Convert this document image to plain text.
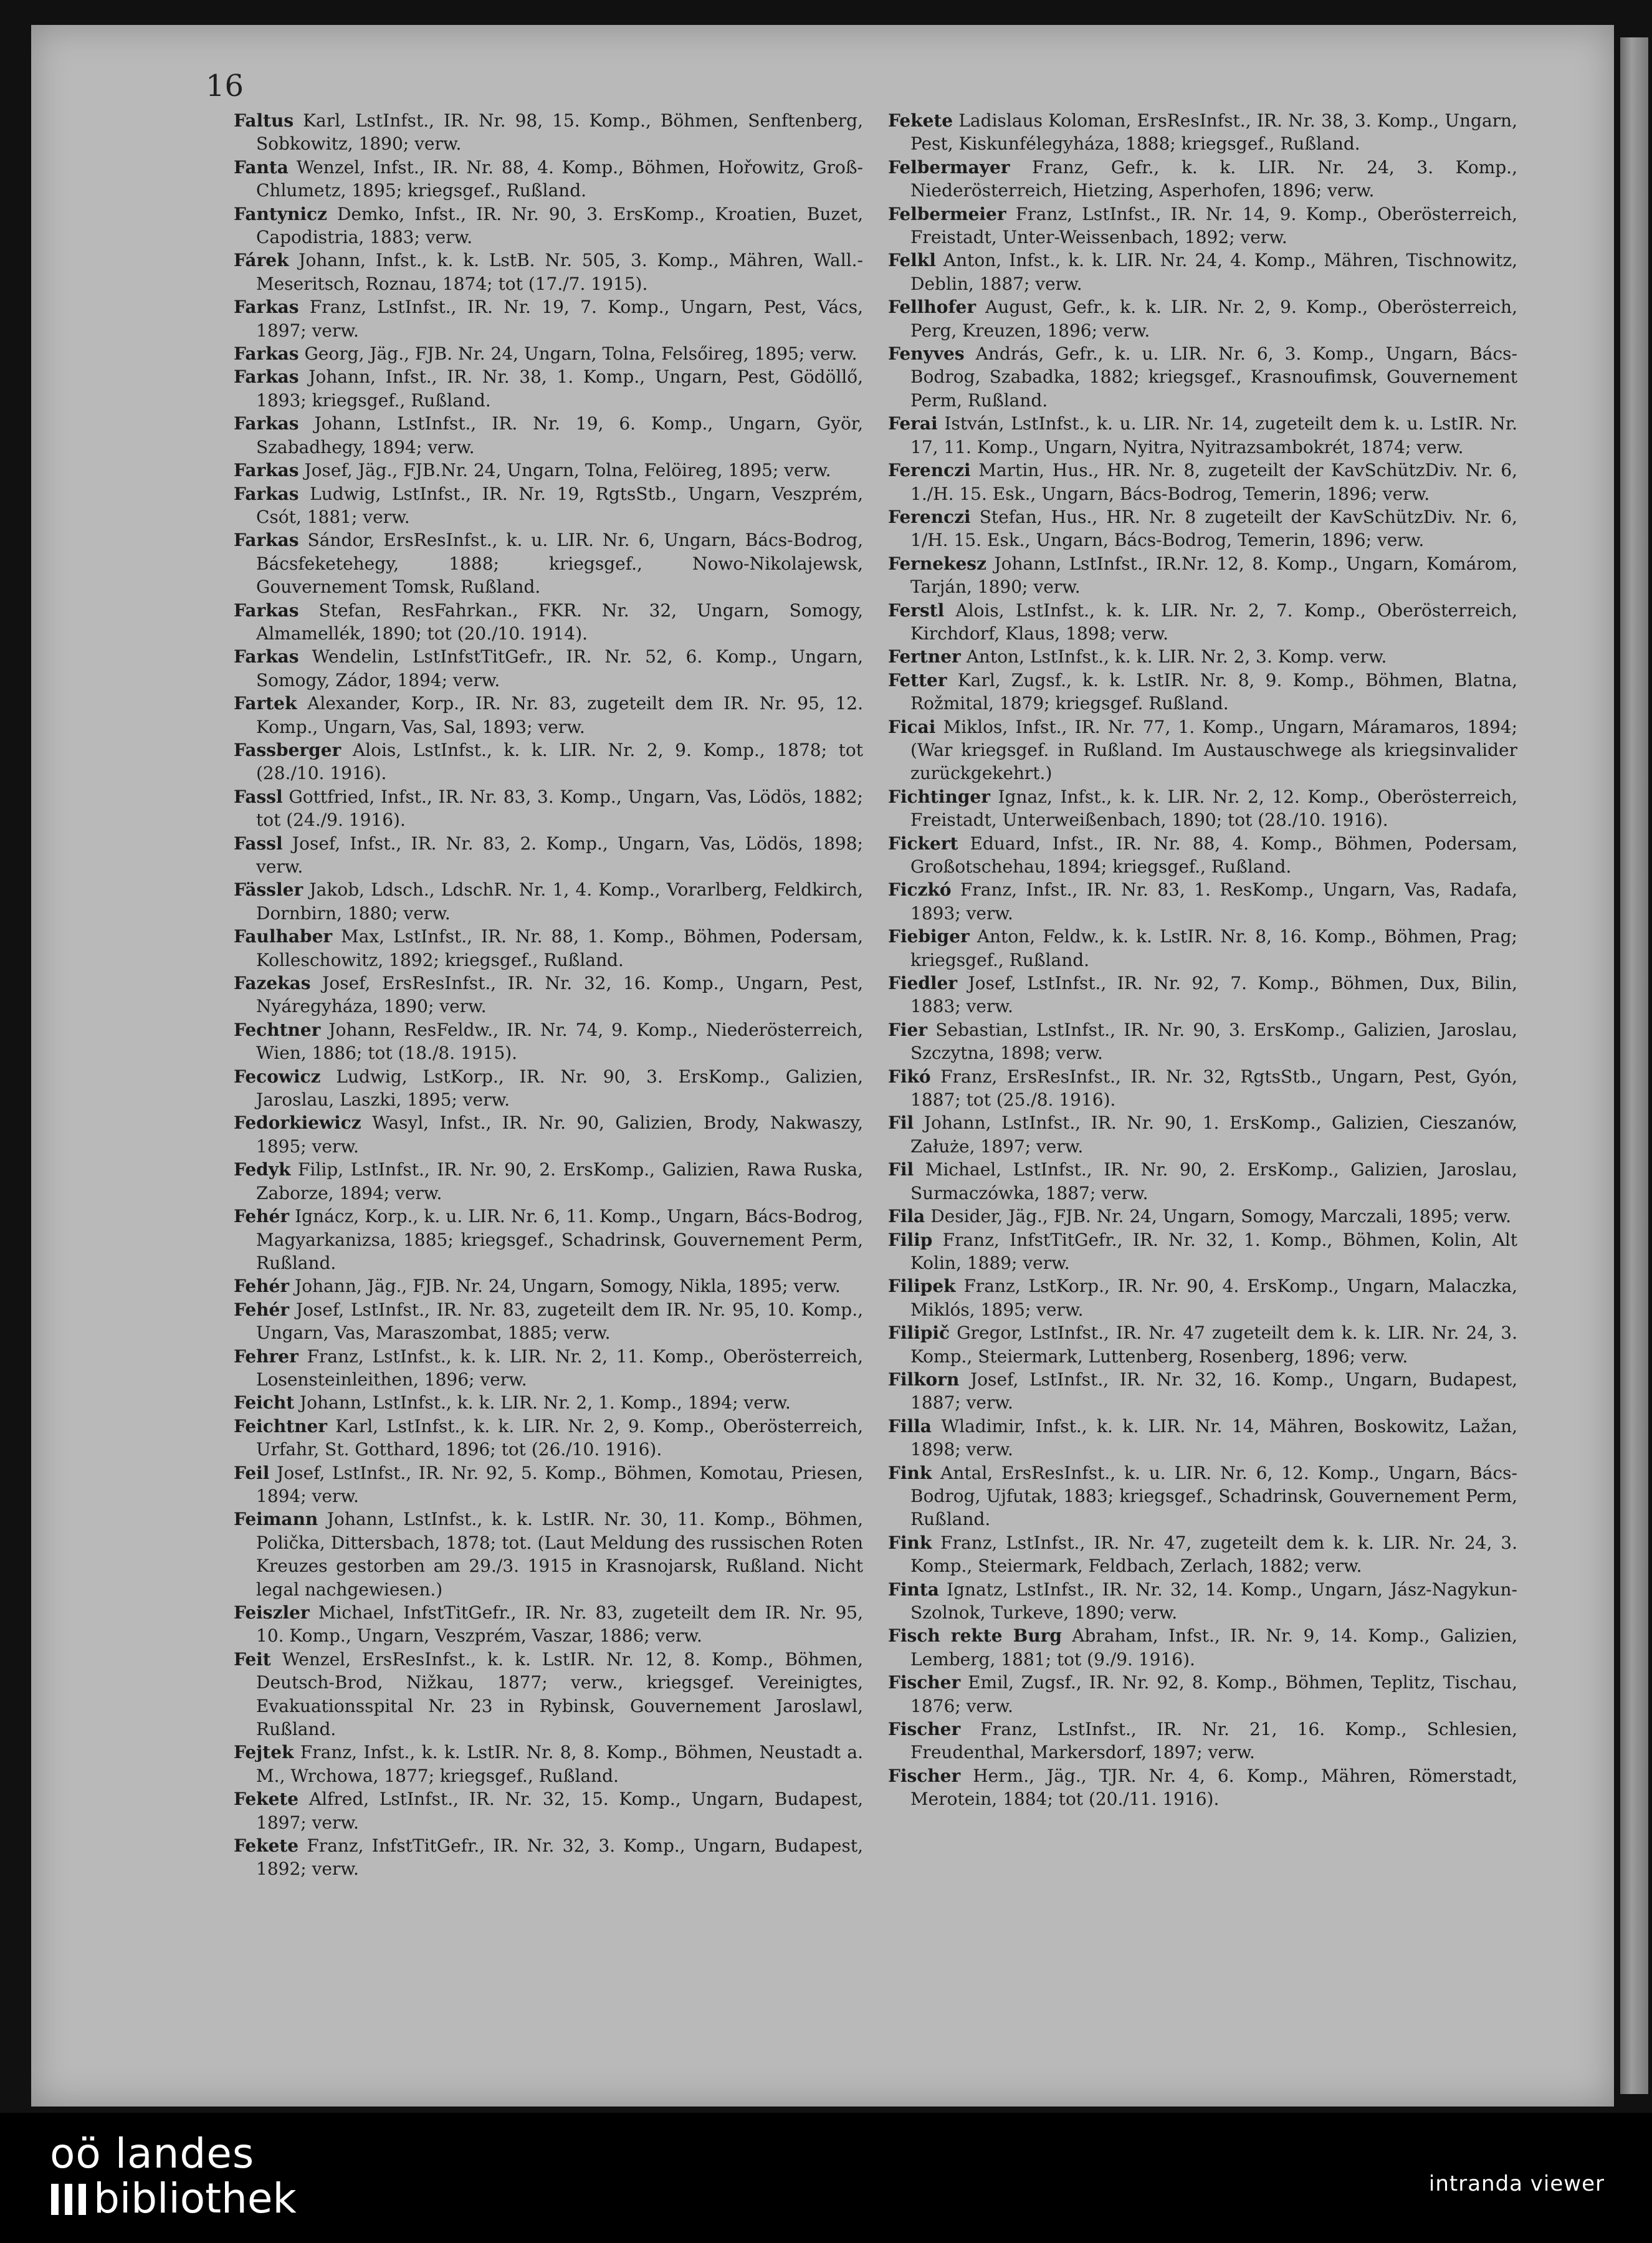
16

Faltus Karl, LstInfst., IR. Nr. 98, 15. Komp., Böhmen, Senftenberg, Sobkowitz, 1890; verw.

Fanta Wenzel, Infst., IR. Nr. 88, 4. Komp., Böhmen, Hořowitz, Groß-Chlumetz, 1895; kriegsgef., Rußland.

Fantynicz Demko, Infst., IR. Nr. 90, 3. ErsKomp., Kroatien, Buzet, Capodistria, 1883; verw.

Fárek Johann, Infst., k. k. LstB. Nr. 505, 3. Komp., Mähren, Wall.-Meseritsch, Roznau, 1874; tot (17./7. 1915).

Farkas Franz, LstInfst., IR. Nr. 19, 7. Komp., Ungarn, Pest, Vács, 1897; verw.

Farkas Georg, Jäg., FJB. Nr. 24, Ungarn, Tolna, Felsőireg, 1895; verw.

Farkas Johann, Infst., IR. Nr. 38, 1. Komp., Ungarn, Pest, Gödöllő, 1893; kriegsgef., Rußland.

Farkas Johann, LstInfst., IR. Nr. 19, 6. Komp., Ungarn, Györ, Szabadhegy, 1894; verw.

Farkas Josef, Jäg., FJB.Nr. 24, Ungarn, Tolna, Felöireg, 1895; verw.

Farkas Ludwig, LstInfst., IR. Nr. 19, RgtsStb., Ungarn, Veszprém, Csót, 1881; verw.

Farkas Sándor, ErsResInfst., k. u. LIR. Nr. 6, Ungarn, Bács-Bodrog, Bácsfeketehegy, 1888; kriegsgef., Nowo-Nikolajewsk, Gouvernement Tomsk, Rußland.

Farkas Stefan, ResFahrkan., FKR. Nr. 32, Ungarn, Somogy, Almamellék, 1890; tot (20./10. 1914).

Farkas Wendelin, LstInfstTitGefr., IR. Nr. 52, 6. Komp., Ungarn, Somogy, Zádor, 1894; verw.

Fartek Alexander, Korp., IR. Nr. 83, zugeteilt dem IR. Nr. 95, 12. Komp., Ungarn, Vas, Sal, 1893; verw.

Fassberger Alois, LstInfst., k. k. LIR. Nr. 2, 9. Komp., 1878; tot (28./10. 1916).

Fassl Gottfried, Infst., IR. Nr. 83, 3. Komp., Ungarn, Vas, Lödös, 1882; tot (24./9. 1916).

Fassl Josef, Infst., IR. Nr. 83, 2. Komp., Ungarn, Vas, Lödös, 1898; verw.

Fässler Jakob, Ldsch., LdschR. Nr. 1, 4. Komp., Vorarlberg, Feldkirch, Dornbirn, 1880; verw.

Faulhaber Max, LstInfst., IR. Nr. 88, 1. Komp., Böhmen, Podersam, Kolleschowitz, 1892; kriegsgef., Rußland.

Fazekas Josef, ErsResInfst., IR. Nr. 32, 16. Komp., Ungarn, Pest, Nyáregyháza, 1890; verw.

Fechtner Johann, ResFeldw., IR. Nr. 74, 9. Komp., Niederösterreich, Wien, 1886; tot (18./8. 1915).

Fecowicz Ludwig, LstKorp., IR. Nr. 90, 3. ErsKomp., Galizien, Jaroslau, Laszki, 1895; verw.

Fedorkiewicz Wasyl, Infst., IR. Nr. 90, Galizien, Brody, Nakwaszy, 1895; verw.

Fedyk Filip, LstInfst., IR. Nr. 90, 2. ErsKomp., Galizien, Rawa Ruska, Zaborze, 1894; verw.

Fehér Ignácz, Korp., k. u. LIR. Nr. 6, 11. Komp., Ungarn, Bács-Bodrog, Magyarkanizsa, 1885; kriegsgef., Schadrinsk, Gouvernement Perm, Rußland.

Fehér Johann, Jäg., FJB. Nr. 24, Ungarn, Somogy, Nikla, 1895; verw.

Fehér Josef, LstInfst., IR. Nr. 83, zugeteilt dem IR. Nr. 95, 10. Komp., Ungarn, Vas, Maraszombat, 1885; verw.

Fehrer Franz, LstInfst., k. k. LIR. Nr. 2, 11. Komp., Oberösterreich, Losensteinleithen, 1896; verw.

Feicht Johann, LstInfst., k. k. LIR. Nr. 2, 1. Komp., 1894; verw.

Feichtner Karl, LstInfst., k. k. LIR. Nr. 2, 9. Komp., Oberösterreich, Urfahr, St. Gotthard, 1896; tot (26./10. 1916).

Feil Josef, LstInfst., IR. Nr. 92, 5. Komp., Böhmen, Komotau, Priesen, 1894; verw.

Feimann Johann, LstInfst., k. k. LstIR. Nr. 30, 11. Komp., Böhmen, Polička, Dittersbach, 1878; tot. (Laut Meldung des russischen Roten Kreuzes gestorben am 29./3. 1915 in Krasnojarsk, Rußland. Nicht legal nachgewiesen.)

Feiszler Michael, InfstTitGefr., IR. Nr. 83, zugeteilt dem IR. Nr. 95, 10. Komp., Ungarn, Veszprém, Vaszar, 1886; verw.

Feit Wenzel, ErsResInfst., k. k. LstIR. Nr. 12, 8. Komp., Böhmen, Deutsch-Brod, Nižkau, 1877; verw., kriegsgef. Vereinigtes, Evakuationsspital Nr. 23 in Rybinsk, Gouvernement Jaroslawl, Rußland.

Fejtek Franz, Infst., k. k. LstIR. Nr. 8, 8. Komp., Böhmen, Neustadt a. M., Wrchowa, 1877; kriegsgef., Rußland.

Fekete Alfred, LstInfst., IR. Nr. 32, 15. Komp., Ungarn, Budapest, 1897; verw.

Fekete Franz, InfstTitGefr., IR. Nr. 32, 3. Komp., Ungarn, Budapest, 1892; verw.

Fekete Ladislaus Koloman, ErsResInfst., IR. Nr. 38, 3. Komp., Ungarn, Pest, Kiskunfélegyháza, 1888; kriegsgef., Rußland.

Felbermayer Franz, Gefr., k. k. LIR. Nr. 24, 3. Komp., Niederösterreich, Hietzing, Asperhofen, 1896; verw.

Felbermeier Franz, LstInfst., IR. Nr. 14, 9. Komp., Oberösterreich, Freistadt, Unter-Weissenbach, 1892; verw.

Felkl Anton, Infst., k. k. LIR. Nr. 24, 4. Komp., Mähren, Tischnowitz, Deblin, 1887; verw.

Fellhofer August, Gefr., k. k. LIR. Nr. 2, 9. Komp., Oberösterreich, Perg, Kreuzen, 1896; verw.

Fenyves András, Gefr., k. u. LIR. Nr. 6, 3. Komp., Ungarn, Bács-Bodrog, Szabadka, 1882; kriegsgef., Krasnoufimsk, Gouvernement Perm, Rußland.

Ferai István, LstInfst., k. u. LIR. Nr. 14, zugeteilt dem k. u. LstIR. Nr. 17, 11. Komp., Ungarn, Nyitra, Nyitrazsambokrét, 1874; verw.

Ferenczi Martin, Hus., HR. Nr. 8, zugeteilt der KavSchützDiv. Nr. 6, 1./H. 15. Esk., Ungarn, Bács-Bodrog, Temerin, 1896; verw.

Ferenczi Stefan, Hus., HR. Nr. 8 zugeteilt der KavSchützDiv. Nr. 6, 1/H. 15. Esk., Ungarn, Bács-Bodrog, Temerin, 1896; verw.

Fernekesz Johann, LstInfst., IR.Nr. 12, 8. Komp., Ungarn, Komárom, Tarján, 1890; verw.

Ferstl Alois, LstInfst., k. k. LIR. Nr. 2, 7. Komp., Oberösterreich, Kirchdorf, Klaus, 1898; verw.

Fertner Anton, LstInfst., k. k. LIR. Nr. 2, 3. Komp. verw.

Fetter Karl, Zugsf., k. k. LstIR. Nr. 8, 9. Komp., Böhmen, Blatna, Rožmital, 1879; kriegsgef. Rußland.

Ficai Miklos, Infst., IR. Nr. 77, 1. Komp., Ungarn, Máramaros, 1894; (War kriegsgef. in Rußland. Im Austauschwege als kriegsinvalider zurückgekehrt.)

Fichtinger Ignaz, Infst., k. k. LIR. Nr. 2, 12. Komp., Oberösterreich, Freistadt, Unterweißenbach, 1890; tot (28./10. 1916).

Fickert Eduard, Infst., IR. Nr. 88, 4. Komp., Böhmen, Podersam, Großotschehau, 1894; kriegsgef., Rußland.

Ficzkó Franz, Infst., IR. Nr. 83, 1. ResKomp., Ungarn, Vas, Radafa, 1893; verw.

Fiebiger Anton, Feldw., k. k. LstIR. Nr. 8, 16. Komp., Böhmen, Prag; kriegsgef., Rußland.

Fiedler Josef, LstInfst., IR. Nr. 92, 7. Komp., Böhmen, Dux, Bilin, 1883; verw.

Fier Sebastian, LstInfst., IR. Nr. 90, 3. ErsKomp., Galizien, Jaroslau, Szczytna, 1898; verw.

Fikó Franz, ErsResInfst., IR. Nr. 32, RgtsStb., Ungarn, Pest, Gyón, 1887; tot (25./8. 1916).

Fil Johann, LstInfst., IR. Nr. 90, 1. ErsKomp., Galizien, Cieszanów, Załuże, 1897; verw.

Fil Michael, LstInfst., IR. Nr. 90, 2. ErsKomp., Galizien, Jaroslau, Surmaczówka, 1887; verw.

Fila Desider, Jäg., FJB. Nr. 24, Ungarn, Somogy, Marczali, 1895; verw.

Filip Franz, InfstTitGefr., IR. Nr. 32, 1. Komp., Böhmen, Kolin, Alt Kolin, 1889; verw.

Filipek Franz, LstKorp., IR. Nr. 90, 4. ErsKomp., Ungarn, Malaczka, Miklós, 1895; verw.

Filipič Gregor, LstInfst., IR. Nr. 47 zugeteilt dem k. k. LIR. Nr. 24, 3. Komp., Steiermark, Luttenberg, Rosenberg, 1896; verw.

Filkorn Josef, LstInfst., IR. Nr. 32, 16. Komp., Ungarn, Budapest, 1887; verw.

Filla Wladimir, Infst., k. k. LIR. Nr. 14, Mähren, Boskowitz, Lažan, 1898; verw.

Fink Antal, ErsResInfst., k. u. LIR. Nr. 6, 12. Komp., Ungarn, Bács-Bodrog, Ujfutak, 1883; kriegsgef., Schadrinsk, Gouvernement Perm, Rußland.

Fink Franz, LstInfst., IR. Nr. 47, zugeteilt dem k. k. LIR. Nr. 24, 3. Komp., Steiermark, Feldbach, Zerlach, 1882; verw.

Finta Ignatz, LstInfst., IR. Nr. 32, 14. Komp., Ungarn, Jász-Nagykun-Szolnok, Turkeve, 1890; verw.

Fisch rekte Burg Abraham, Infst., IR. Nr. 9, 14. Komp., Galizien, Lemberg, 1881; tot (9./9. 1916).

Fischer Emil, Zugsf., IR. Nr. 92, 8. Komp., Böhmen, Teplitz, Tischau, 1876; verw.

Fischer Franz, LstInfst., IR. Nr. 21, 16. Komp., Schlesien, Freudenthal, Markersdorf, 1897; verw.

Fischer Herm., Jäg., TJR. Nr. 4, 6. Komp., Mähren, Römerstadt, Merotein, 1884; tot (20./11. 1916).

oö landes
bibliothek	intranda viewer
